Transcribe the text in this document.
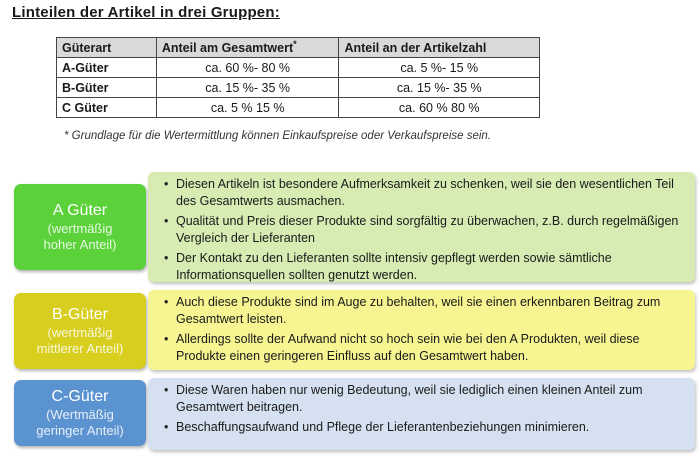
Linteilen der Artikel in drei Gruppen:
Güterart	Anteil am Gesamtwert*	Anteil an der Artikelzahl
A-Güter	ca. 60 %- 80 %	ca. 5 %- 15 %
B-Güter	ca. 15 %- 35 %	ca. 15 %- 35 %
C Güter	ca. 5 % 15 %	ca. 60 % 80 %
* Grundlage für die Wertermittlung können Einkaufspreise oder Verkaufspreise sein.
A Güter
(wertmäßig
hoher Anteil)
• Diesen Artikeln ist besondere Aufmerksamkeit zu schenken, weil sie den wesentlichen Teil des Gesamtwerts ausmachen.
• Qualität und Preis dieser Produkte sind sorgfältig zu überwachen, z.B. durch regelmäßigen Vergleich der Lieferanten
• Der Kontakt zu den Lieferanten sollte intensiv gepflegt werden sowie sämtliche Informationsquellen sollten genutzt werden.
B-Güter
(wertmäßig
mittlerer Anteil)
• Auch diese Produkte sind im Auge zu behalten, weil sie einen erkennbaren Beitrag zum Gesamtwert leisten.
• Allerdings sollte der Aufwand nicht so hoch sein wie bei den A Produkten, weil diese Produkte einen geringeren Einfluss auf den Gesamtwert haben.
C-Güter
(Wertmäßig
geringer Anteil)
• Diese Waren haben nur wenig Bedeutung, weil sie lediglich einen kleinen Anteil zum Gesamtwert beitragen.
• Beschaffungsaufwand und Pflege der Lieferantenbeziehungen minimieren.
